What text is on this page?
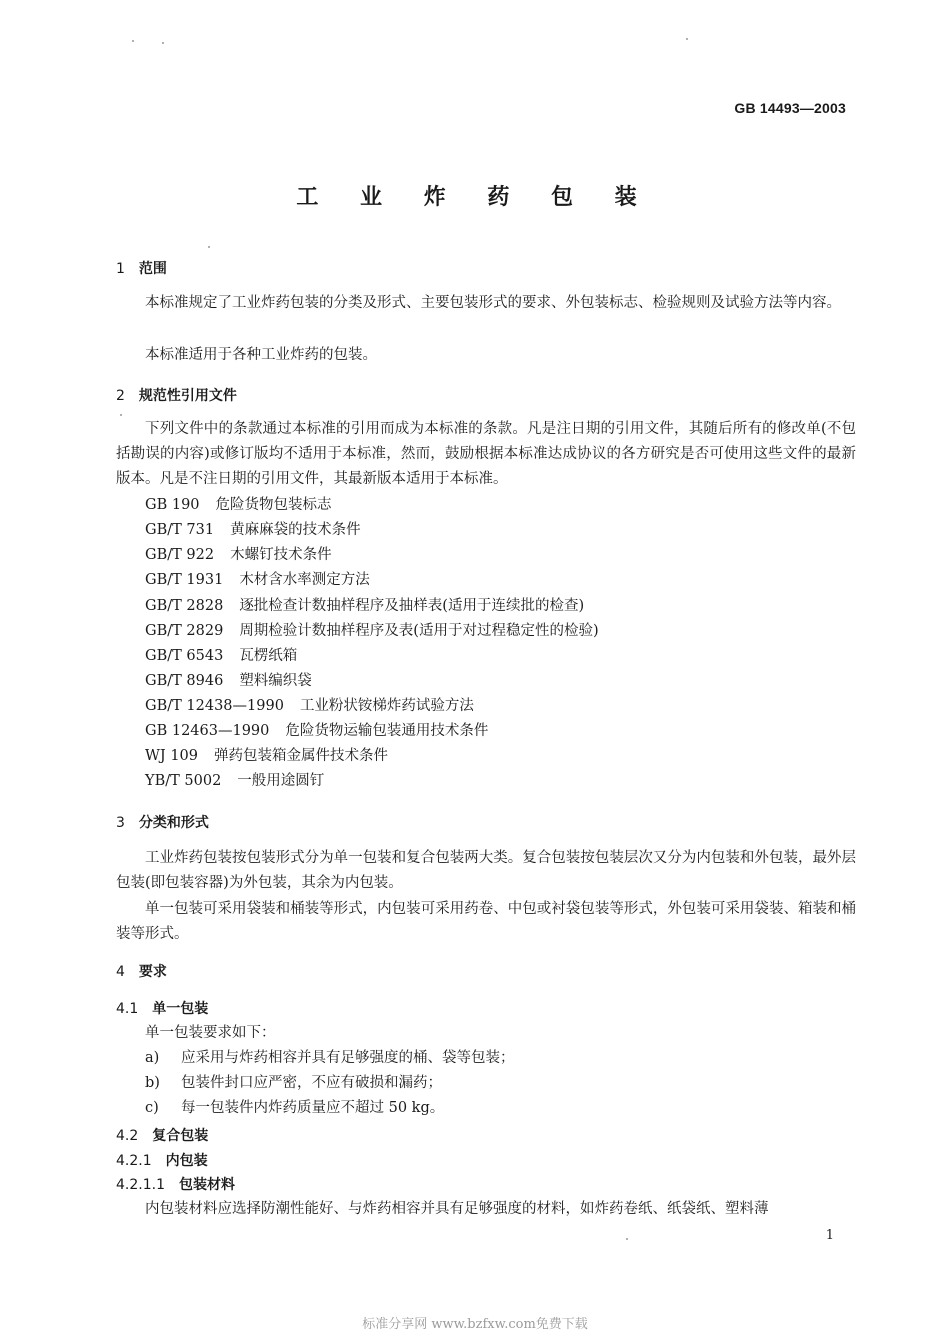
GB 14493—2003
工 业 炸 药 包 装
1 范围
本标准规定了工业炸药包装的分类及形式、主要包装形式的要求、外包装标志、检验规则及试验方法等内容。
本标准适用于各种工业炸药的包装。
2 规范性引用文件
下列文件中的条款通过本标准的引用而成为本标准的条款。凡是注日期的引用文件，其随后所有的修改单(不包括勘误的内容)或修订版均不适用于本标准，然而，鼓励根据本标准达成协议的各方研究是否可使用这些文件的最新版本。凡是不注日期的引用文件，其最新版本适用于本标准。
GB 190 危险货物包装标志
GB/T 731 黄麻麻袋的技术条件
GB/T 922 木螺钉技术条件
GB/T 1931 木材含水率测定方法
GB/T 2828 逐批检查计数抽样程序及抽样表(适用于连续批的检查)
GB/T 2829 周期检验计数抽样程序及表(适用于对过程稳定性的检验)
GB/T 6543 瓦楞纸箱
GB/T 8946 塑料编织袋
GB/T 12438—1990 工业粉状铵梯炸药试验方法
GB 12463—1990 危险货物运输包装通用技术条件
WJ 109 弹药包装箱金属件技术条件
YB/T 5002 一般用途圆钉
3 分类和形式
工业炸药包装按包装形式分为单一包装和复合包装两大类。复合包装按包装层次又分为内包装和外包装，最外层包装(即包装容器)为外包装，其余为内包装。
单一包装可采用袋装和桶装等形式，内包装可采用药卷、中包或衬袋包装等形式，外包装可采用袋装、箱装和桶装等形式。
4 要求
4.1 单一包装
单一包装要求如下：
a) 应采用与炸药相容并具有足够强度的桶、袋等包装；
b) 包装件封口应严密，不应有破损和漏药；
c) 每一包装件内炸药质量应不超过 50 kg。
4.2 复合包装
4.2.1 内包装
4.2.1.1 包装材料
内包装材料应选择防潮性能好、与炸药相容并具有足够强度的材料，如炸药卷纸、纸袋纸、塑料薄
1
标准分享网 www.bzfxw.com免费下载
